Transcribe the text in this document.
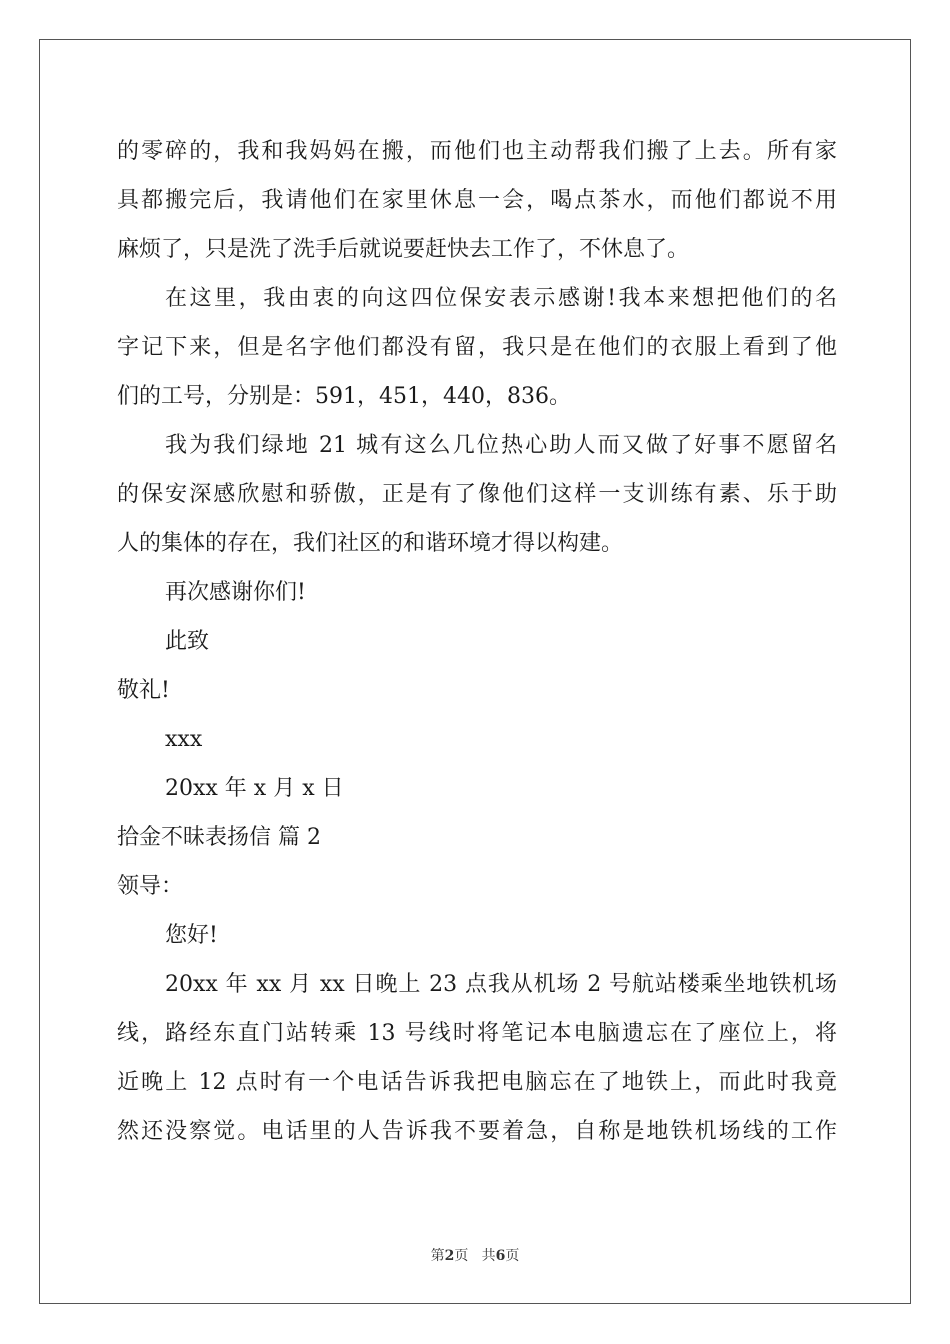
的零碎的，我和我妈妈在搬，而他们也主动帮我们搬了上去。所有家
具都搬完后，我请他们在家里休息一会，喝点茶水，而他们都说不用
麻烦了，只是洗了洗手后就说要赶快去工作了，不休息了。
在这里，我由衷的向这四位保安表示感谢!我本来想把他们的名
字记下来，但是名字他们都没有留，我只是在他们的衣服上看到了他
们的工号，分别是：591，451，440，836。
我为我们绿地 21 城有这么几位热心助人而又做了好事不愿留名
的保安深感欣慰和骄傲，正是有了像他们这样一支训练有素、乐于助
人的集体的存在，我们社区的和谐环境才得以构建。
再次感谢你们!
此致
敬礼!
xxx
20xx 年 x 月 x 日
拾金不昧表扬信 篇 2
领导：
您好!
20xx 年 xx 月 xx 日晚上 23 点我从机场 2 号航站楼乘坐地铁机场
线，路经东直门站转乘 13 号线时将笔记本电脑遗忘在了座位上，将
近晚上 12 点时有一个电话告诉我把电脑忘在了地铁上，而此时我竟
然还没察觉。电话里的人告诉我不要着急，自称是地铁机场线的工作
第2页 共6页
